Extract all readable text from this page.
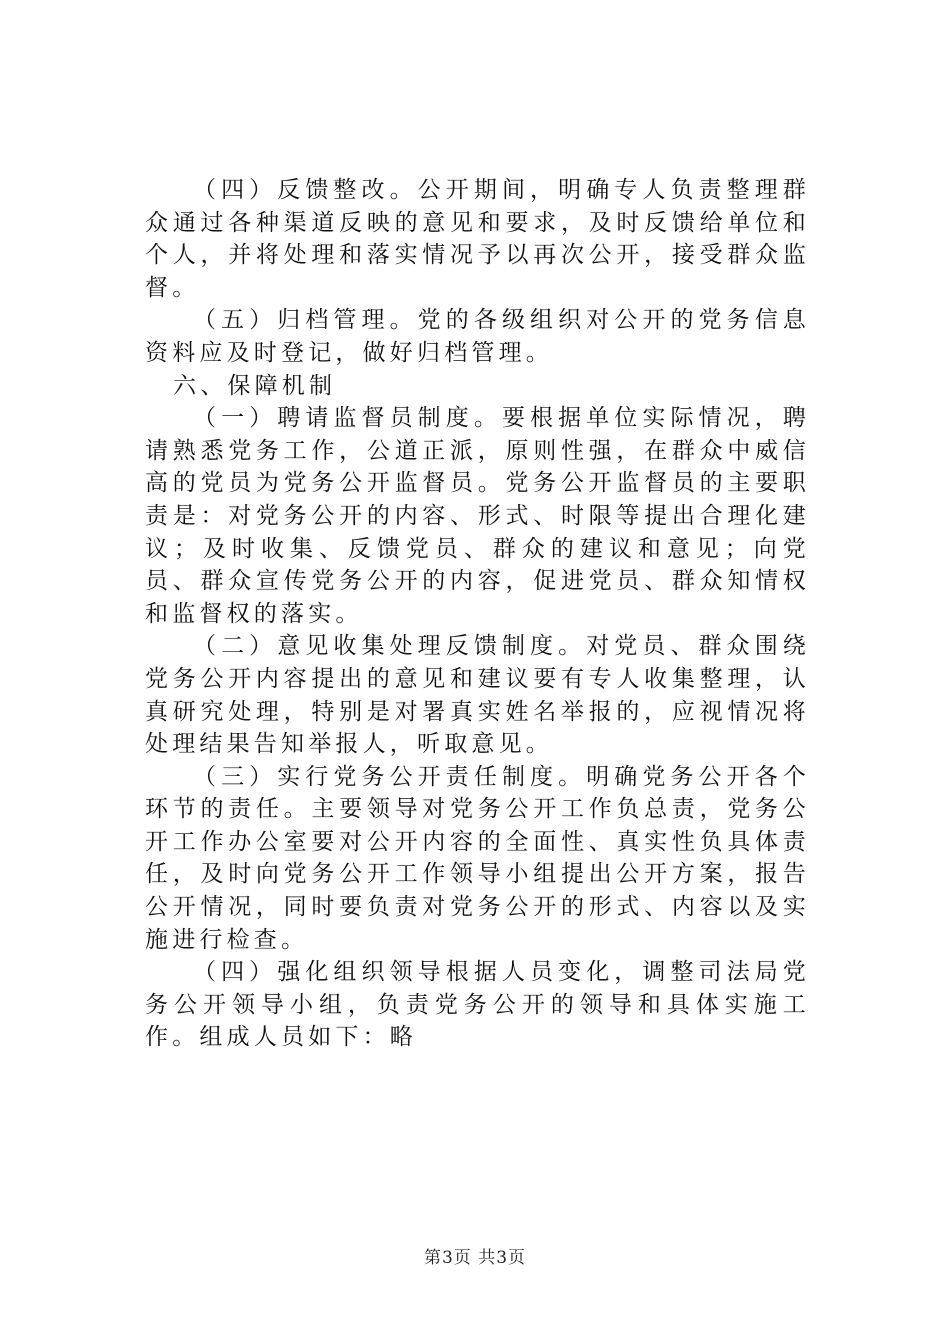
（四）反馈整改。公开期间，明确专人负责整理群众通过各种渠道反映的意见和要求，及时反馈给单位和个人，并将处理和落实情况予以再次公开，接受群众监督。

（五）归档管理。党的各级组织对公开的党务信息资料应及时登记，做好归档管理。

六、保障机制

（一）聘请监督员制度。要根据单位实际情况，聘请熟悉党务工作，公道正派，原则性强，在群众中威信高的党员为党务公开监督员。党务公开监督员的主要职责是：对党务公开的内容、形式、时限等提出合理化建议；及时收集、反馈党员、群众的建议和意见；向党员、群众宣传党务公开的内容，促进党员、群众知情权和监督权的落实。

（二）意见收集处理反馈制度。对党员、群众围绕党务公开内容提出的意见和建议要有专人收集整理，认真研究处理，特别是对署真实姓名举报的，应视情况将处理结果告知举报人，听取意见。

（三）实行党务公开责任制度。明确党务公开各个环节的责任。主要领导对党务公开工作负总责，党务公开工作办公室要对公开内容的全面性、真实性负具体责任，及时向党务公开工作领导小组提出公开方案，报告公开情况，同时要负责对党务公开的形式、内容以及实施进行检查。

（四）强化组织领导根据人员变化，调整司法局党务公开领导小组，负责党务公开的领导和具体实施工作。组成人员如下：略

第3页 共3页
